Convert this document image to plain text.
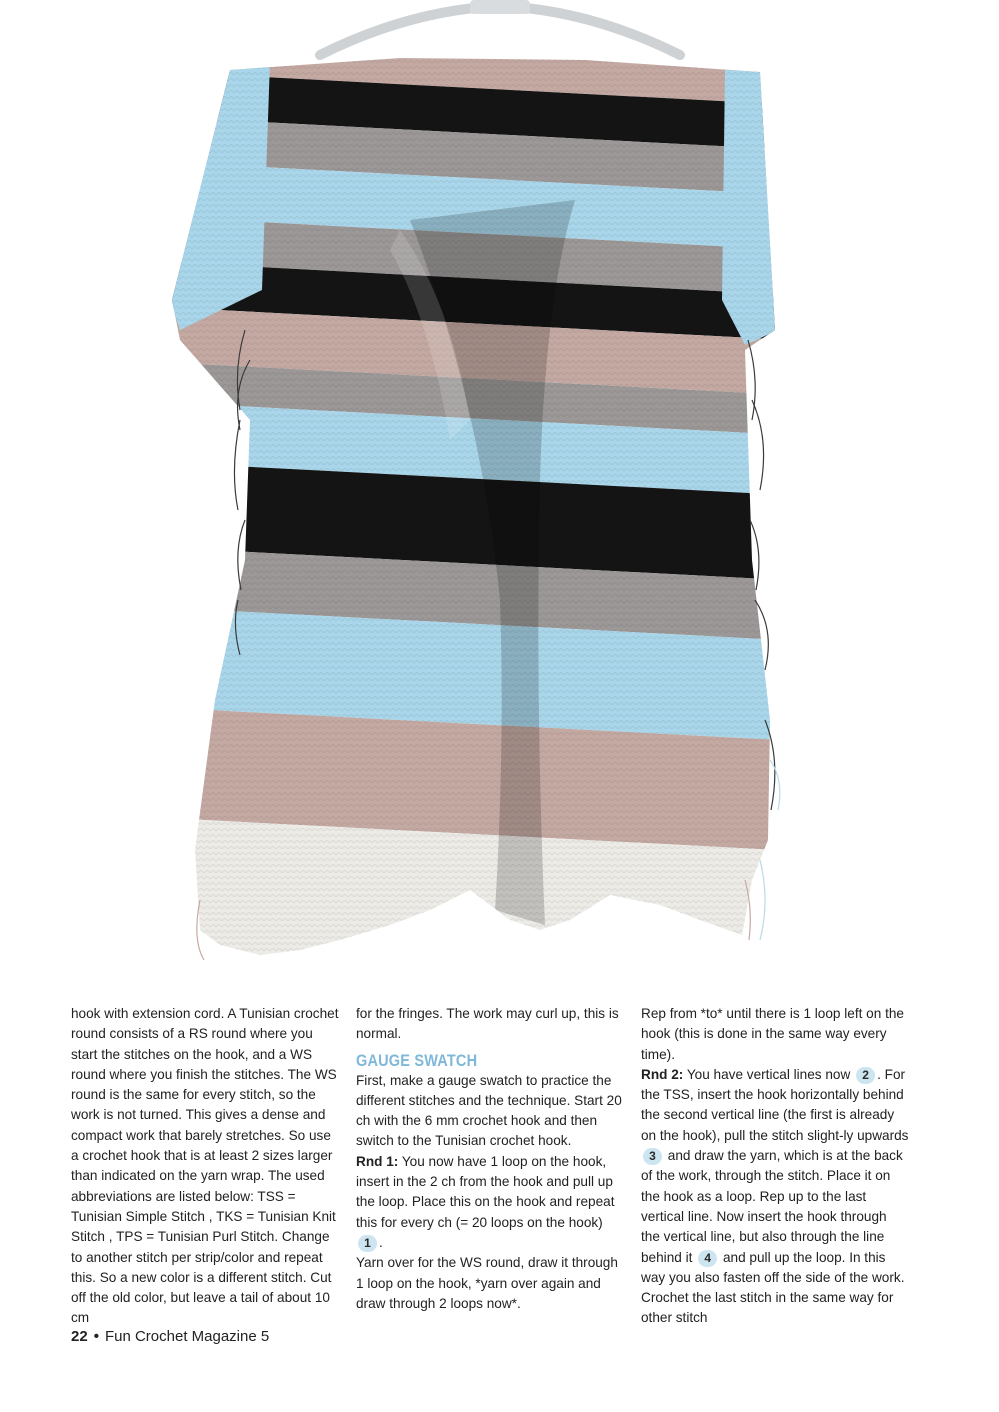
hook with extension cord. A Tunisian crochet round consists of a RS round where you start the stitches on the hook, and a WS round where you finish the stitches. The WS round is the same for every stitch, so the work is not turned. This gives a dense and compact work that barely stretches. So use a crochet hook that is at least 2 sizes larger than indicated on the yarn wrap. The used abbreviations are listed below: TSS = Tunisian Simple Stitch , TKS = Tunisian Knit Stitch , TPS = Tunisian Purl Stitch. Change to another stitch per strip/color and repeat this. So a new color is a different stitch. Cut off the old color, but leave a tail of about 10 cm

for the fringes. The work may curl up, this is normal.

GAUGE SWATCH

First, make a gauge swatch to practice the different stitches and the technique. Start 20 ch with the 6 mm crochet hook and then switch to the Tunisian crochet hook.

Rnd 1: You now have 1 loop on the hook, insert in the 2 ch from the hook and pull up the loop. Place this on the hook and repeat this for every ch (= 20 loops on the hook) 1 .

Yarn over for the WS round, draw it through 1 loop on the hook, *yarn over again and draw through 2 loops now*.

Rep from *to* until there is 1 loop left on the hook (this is done in the same way every time).

Rnd 2: You have vertical lines now 2 . For the TSS, insert the hook horizontally behind the second vertical line (the first is already on the hook), pull the stitch slight-ly upwards 3 and draw the yarn, which is at the back of the work, through the stitch. Place it on the hook as a loop. Rep up to the last vertical line. Now insert the hook through the vertical line, but also through the line behind it 4 and pull up the loop. In this way you also fasten off the side of the work. Crochet the last stitch in the same way for other stitch

22 • Fun Crochet Magazine 5
